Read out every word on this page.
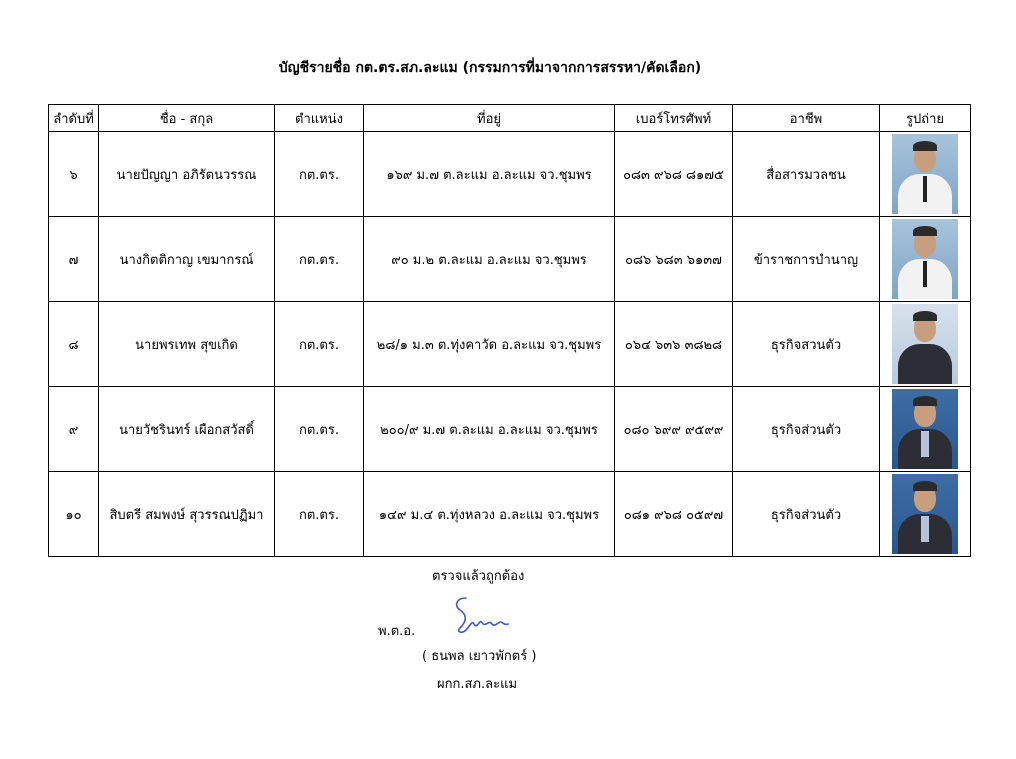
บัญชีรายชื่อ กต.ตร.สภ.ละแม (กรรมการที่มาจากการสรรหา/คัดเลือก)
ลำดับที่	ชื่อ - สกุล	ตำแหน่ง	ที่อยู่	เบอร์โทรศัพท์	อาชีพ	รูปถ่าย
๖	นายปัญญา อภิรัตนวรรณ	กต.ตร.	๑๖๙ ม.๗ ต.ละแม อ.ละแม จว.ชุมพร	๐๘๓ ๙๖๘ ๘๑๗๕	สื่อสารมวลชน	

๗	นางกิตติกาญ เขมากรณ์	กต.ตร.	๙๐ ม.๒ ต.ละแม อ.ละแม จว.ชุมพร	๐๘๖ ๖๘๓ ๖๑๓๗	ข้าราชการบำนาญ	

๘	นายพรเทพ สุขเกิด	กต.ตร.	๒๘/๑ ม.๓ ต.ทุ่งคาวัด อ.ละแม จว.ชุมพร	๐๖๔ ๖๓๖ ๓๘๒๘	ธุรกิจสวนตัว	

๙	นายวัชรินทร์ เผือกสวัสดิ์	กต.ตร.	๒๐๐/๙ ม.๗ ต.ละแม อ.ละแม จว.ชุมพร	๐๘๐ ๖๙๙ ๙๕๙๙	ธุรกิจส่วนตัว	

๑๐	สิบตรี สมพงษ์ สุวรรณปฏิมา	กต.ตร.	๑๔๙ ม.๔ ต.ทุ่งหลวง อ.ละแม จว.ชุมพร	๐๘๑ ๙๖๘ ๐๕๙๗	ธุรกิจส่วนตัว	
ตรวจแล้วถูกต้อง
พ.ต.อ.
( ธนพล เยาวพักตร์ )
ผกก.สภ.ละแม
